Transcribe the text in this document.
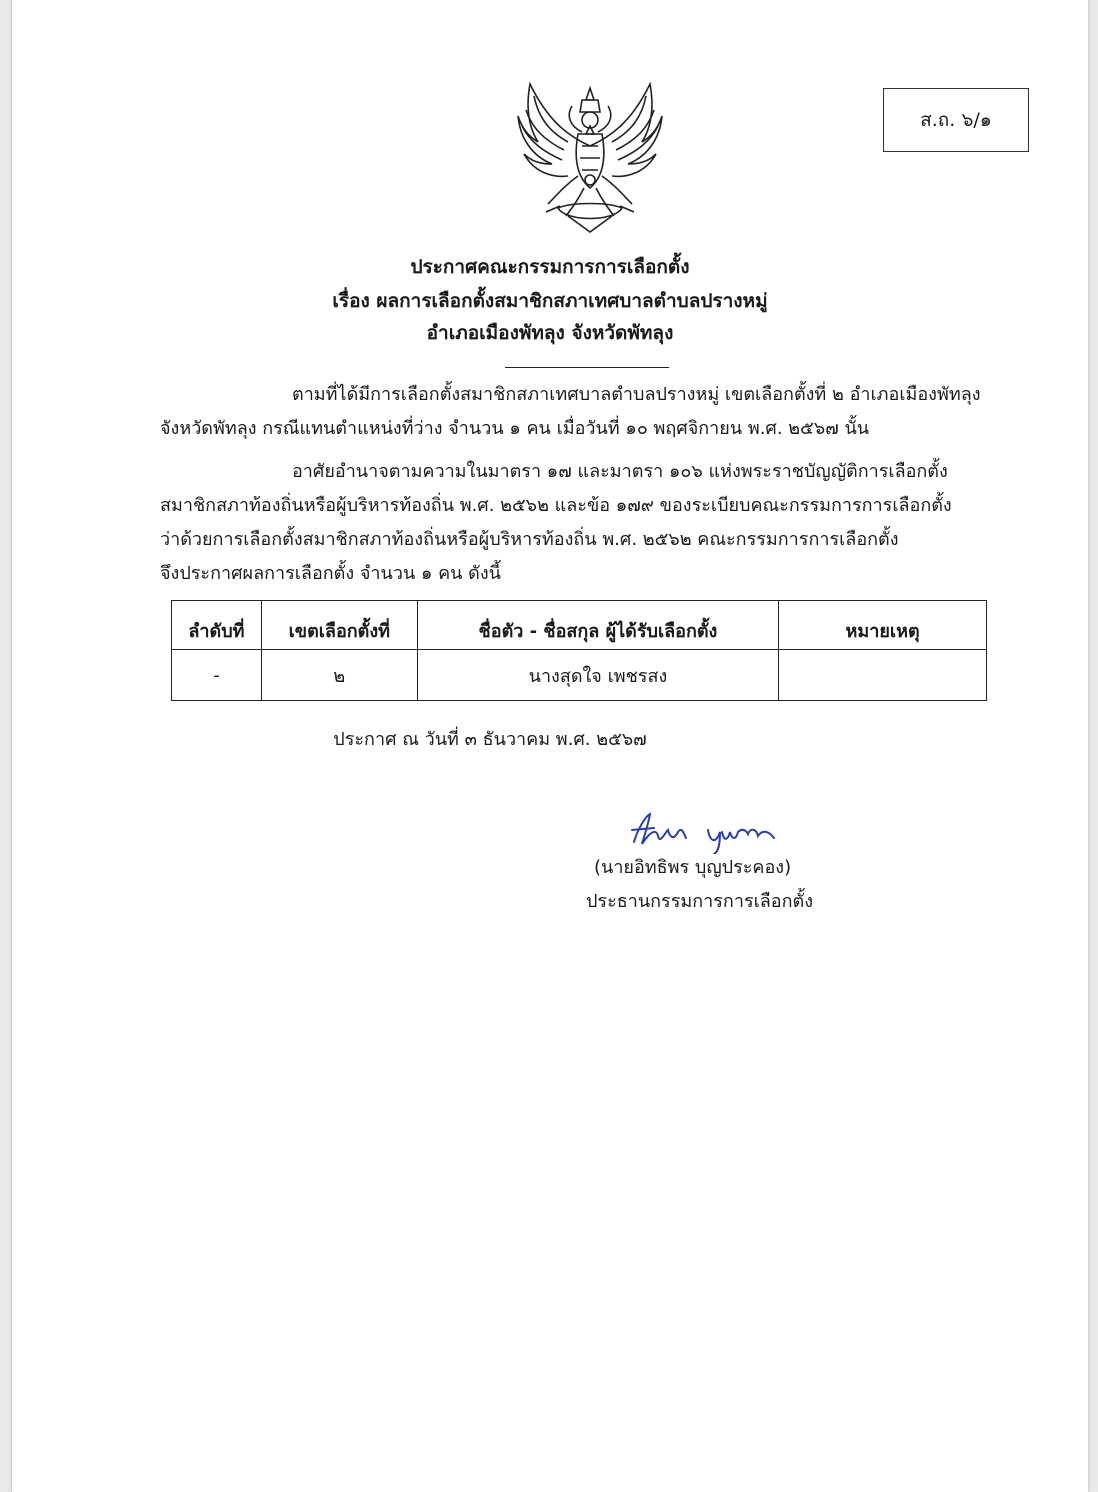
ส.ถ. ๖/๑
ประกาศคณะกรรมการการเลือกตั้ง
เรื่อง ผลการเลือกตั้งสมาชิกสภาเทศบาลตำบลปรางหมู่
อำเภอเมืองพัทลุง จังหวัดพัทลุง
ตามที่ได้มีการเลือกตั้งสมาชิกสภาเทศบาลตำบลปรางหมู่ เขตเลือกตั้งที่ ๒ อำเภอเมืองพัทลุง
จังหวัดพัทลุง กรณีแทนตำแหน่งที่ว่าง จำนวน ๑ คน เมื่อวันที่ ๑๐ พฤศจิกายน พ.ศ. ๒๕๖๗ นั้น
อาศัยอำนาจตามความในมาตรา ๑๗ และมาตรา ๑๐๖ แห่งพระราชบัญญัติการเลือกตั้ง
สมาชิกสภาท้องถิ่นหรือผู้บริหารท้องถิ่น พ.ศ. ๒๕๖๒ และข้อ ๑๗๙ ของระเบียบคณะกรรมการการเลือกตั้ง
ว่าด้วยการเลือกตั้งสมาชิกสภาท้องถิ่นหรือผู้บริหารท้องถิ่น พ.ศ. ๒๕๖๒ คณะกรรมการการเลือกตั้ง
จึงประกาศผลการเลือกตั้ง จำนวน ๑ คน ดังนี้
ลำดับที่	เขตเลือกตั้งที่	ชื่อตัว - ชื่อสกุล ผู้ได้รับเลือกตั้ง	หมายเหตุ
-	๒	นางสุดใจ เพชรสง	
ประกาศ ณ วันที่ ๓ ธันวาคม พ.ศ. ๒๕๖๗
(นายอิทธิพร บุญประคอง)
ประธานกรรมการการเลือกตั้ง
